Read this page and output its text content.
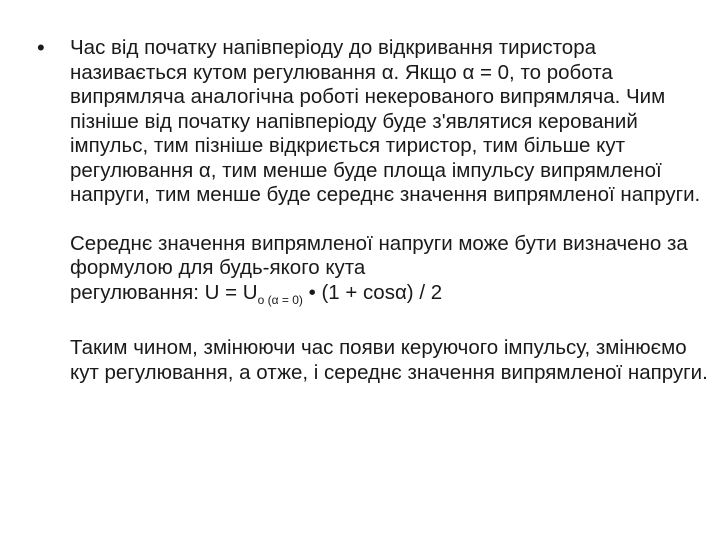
• Час від початку напівперіоду до відкривання тиристора називається кутом регулювання α. Якщо α = 0, то робота випрямляча аналогічна роботі некерованого випрямляча. Чим пізніше від початку напівперіоду буде з'являтися керований імпульс, тим пізніше відкриється тиристор, тим більше кут регулювання α, тим менше буде площа імпульсу випрямленої напруги, тим менше буде середнє значення випрямленої напруги.

Середнє значення випрямленої напруги може бути визначено за формулою для будь-якого кута
регулювання: $U = U_{o (\alpha = 0)}$ • (1 + cosα) / 2

Таким чином, змінюючи час появи керуючого імпульсу, змінюємо кут регулювання, а отже, і середнє значення випрямленої напруги.
